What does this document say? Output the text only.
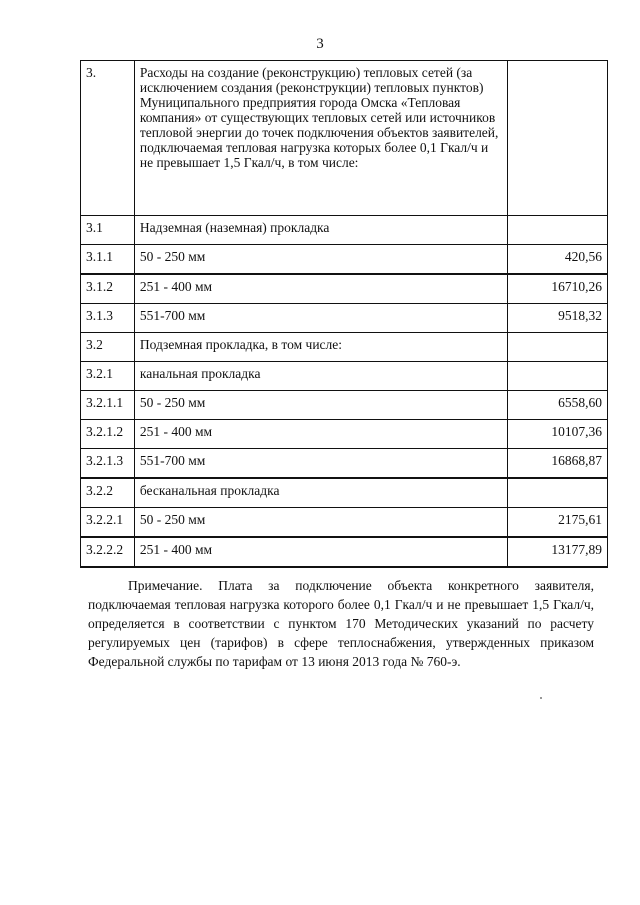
3
3.	Расходы на создание (реконструкцию) тепловых сетей (за исключением создания (реконструкции) тепловых пунктов) Муниципального предприятия города Омска «Тепловая компания» от существующих тепловых сетей или источников тепловой энергии до точек подключения объектов заявителей, подключаемая тепловая нагрузка которых более 0,1 Гкал/ч и не превышает 1,5 Гкал/ч, в том числе:	
3.1	Надземная (наземная) прокладка	
3.1.1	50 - 250 мм	420,56
3.1.2	251 - 400 мм	16710,26
3.1.3	551-700 мм	9518,32
3.2	Подземная прокладка, в том числе:	
3.2.1	канальная прокладка	
3.2.1.1	50 - 250 мм	6558,60
3.2.1.2	251 - 400 мм	10107,36
3.2.1.3	551-700 мм	16868,87
3.2.2	бесканальная прокладка	
3.2.2.1	50 - 250 мм	2175,61
3.2.2.2	251 - 400 мм	13177,89
Примечание. Плата за подключение объекта конкретного заявителя, подключаемая тепловая нагрузка которого более 0,1 Гкал/ч и не превышает 1,5 Гкал/ч, определяется в соответствии с пунктом 170 Методических указаний по расчету регулируемых цен (тарифов) в сфере теплоснабжения, утвержденных приказом Федеральной службы по тарифам от 13 июня 2013 года № 760-э.
